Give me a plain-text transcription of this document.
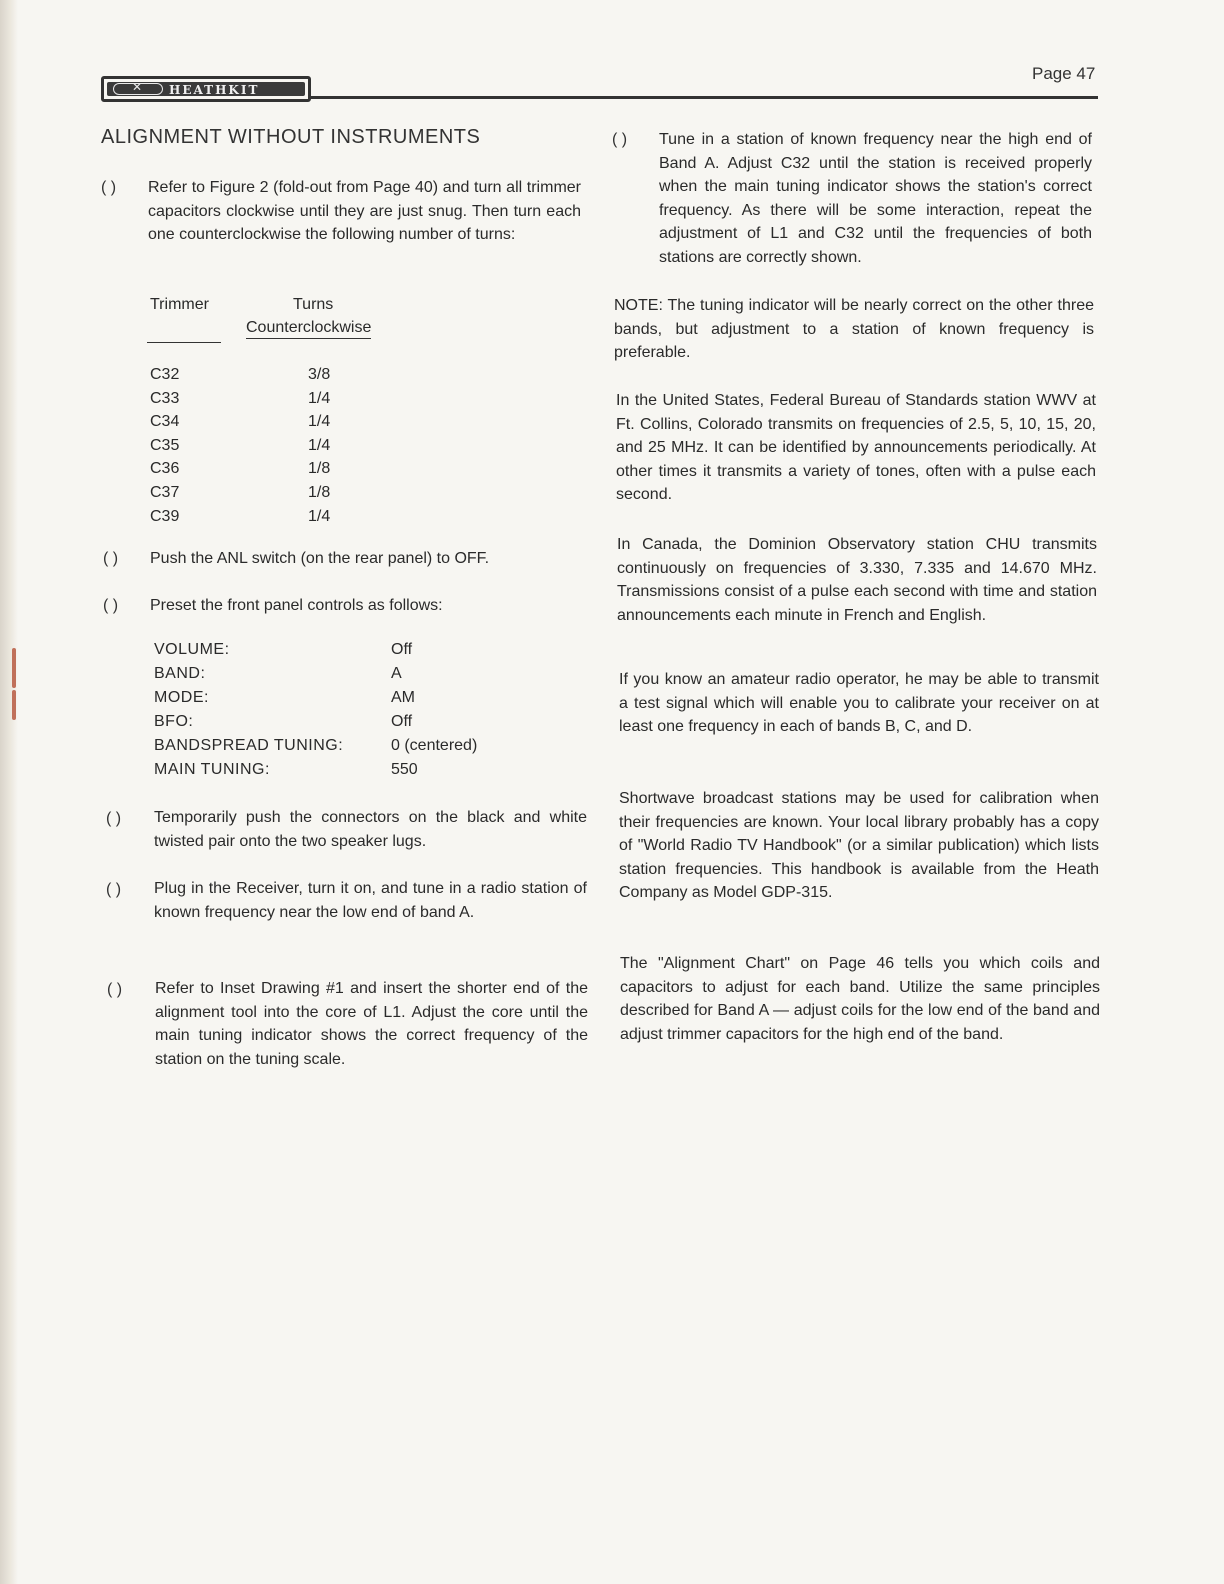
✕ HEATHKIT
Page 47
ALIGNMENT WITHOUT INSTRUMENTS
( ) Refer to Figure 2 (fold-out from Page 40) and turn all trimmer capacitors clockwise until they are just snug. Then turn each one counterclockwise the following number of turns:

Trimmer	Turns
Counterclockwise
C32	3/8
C33	1/4
C34	1/4
C35	1/4
C36	1/8
C37	1/8
C39	1/4
( ) Push the ANL switch (on the rear panel) to OFF.

( ) Preset the front panel controls as follows:

VOLUME:	Off
BAND:	A
MODE:	AM
BFO:	Off
BANDSPREAD TUNING:	0 (centered)
MAIN TUNING:	550
( ) Temporarily push the connectors on the black and white twisted pair onto the two speaker lugs.

( ) Plug in the Receiver, turn it on, and tune in a radio station of known frequency near the low end of band A.

( ) Refer to Inset Drawing #1 and insert the shorter end of the alignment tool into the core of L1. Adjust the core until the main tuning indicator shows the correct frequency of the station on the tuning scale.

( ) Tune in a station of known frequency near the high end of Band A. Adjust C32 until the station is received properly when the main tuning indicator shows the station's correct frequency. As there will be some interaction, repeat the adjustment of L1 and C32 until the frequencies of both stations are correctly shown.

NOTE: The tuning indicator will be nearly correct on the other three bands, but adjustment to a station of known frequency is preferable.

In the United States, Federal Bureau of Standards station WWV at Ft. Collins, Colorado transmits on frequencies of 2.5, 5, 10, 15, 20, and 25 MHz. It can be identified by announcements periodically. At other times it transmits a variety of tones, often with a pulse each second.

In Canada, the Dominion Observatory station CHU transmits continuously on frequencies of 3.330, 7.335 and 14.670 MHz. Transmissions consist of a pulse each second with time and station announcements each minute in French and English.

If you know an amateur radio operator, he may be able to transmit a test signal which will enable you to calibrate your receiver on at least one frequency in each of bands B, C, and D.

Shortwave broadcast stations may be used for calibration when their frequencies are known. Your local library probably has a copy of "World Radio TV Handbook" (or a similar publication) which lists station frequencies. This handbook is available from the Heath Company as Model GDP-315.

The "Alignment Chart" on Page 46 tells you which coils and capacitors to adjust for each band. Utilize the same principles described for Band A — adjust coils for the low end of the band and adjust trimmer capacitors for the high end of the band.
